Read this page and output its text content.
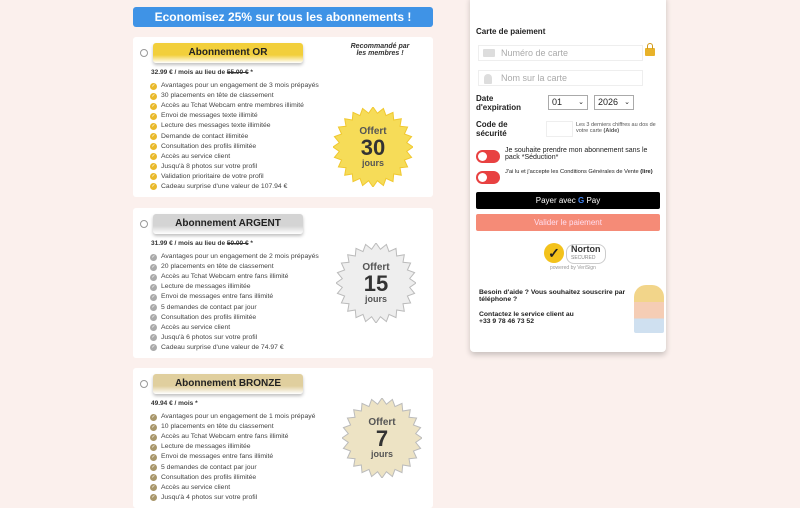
Economisez 25% sur tous les abonnements !
Abonnement OR
Recommandé par les membres !
32.99 € / mois au lieu de 55.00 € *
✓ Avantages pour un engagement de 3 mois prépayés
✓ 30 placements en tête de classement
✓ Accès au Tchat Webcam entre membres illimité
✓ Envoi de messages texte illimité
✓ Lecture des messages texte illimitée
✓ Demande de contact illimitée
✓ Consultation des profils illimitée
✓ Accès au service client
✓ Jusqu'à 8 photos sur votre profil
✓ Validation prioritaire de votre profil
✓ Cadeau surprise d'une valeur de 107.94 €
Offert
30
jours
Abonnement ARGENT
31.99 € / mois au lieu de 50.00 € *
✓ Avantages pour un engagement de 2 mois prépayés
✓ 20 placements en tête de classement
✓ Accès au Tchat Webcam entre fans illimité
✓ Lecture de messages illimitée
✓ Envoi de messages entre fans illimité
✓ 5 demandes de contact par jour
✓ Consultation des profils illimitée
✓ Accès au service client
✓ Jusqu'à 6 photos sur votre profil
✓ Cadeau surprise d'une valeur de 74.97 €
Offert
15
jours
Abonnement BRONZE
49.94 € / mois *
✓ Avantages pour un engagement de 1 mois prépayé
✓ 10 placements en tête du classement
✓ Accès au Tchat Webcam entre fans illimité
✓ Lecture de messages illimitée
✓ Envoi de messages entre fans illimité
✓ 5 demandes de contact par jour
✓ Consultation des profils illimitée
✓ Accès au service client
✓ Jusqu'à 4 photos sur votre profil
Offert
7
jours
Carte de paiement
Numéro de carte
Nom sur la carte
Date d'expiration
01 ⌄	2026 ⌄
Code de sécurité
Les 3 derniers chiffres au dos de votre carte (Aide)
Je souhaite prendre mon abonnement sans le pack *Séduction*
J'ai lu et j'accepte les Conditions Générales de Vente (lire)
Payer avec G Pay
Valider le paiement
✓	Norton
SECURED
powered by VeriSign
Besoin d'aide ? Vous souhaitez souscrire par téléphone ?
Contactez le service client au
+33 9 78 46 73 52
